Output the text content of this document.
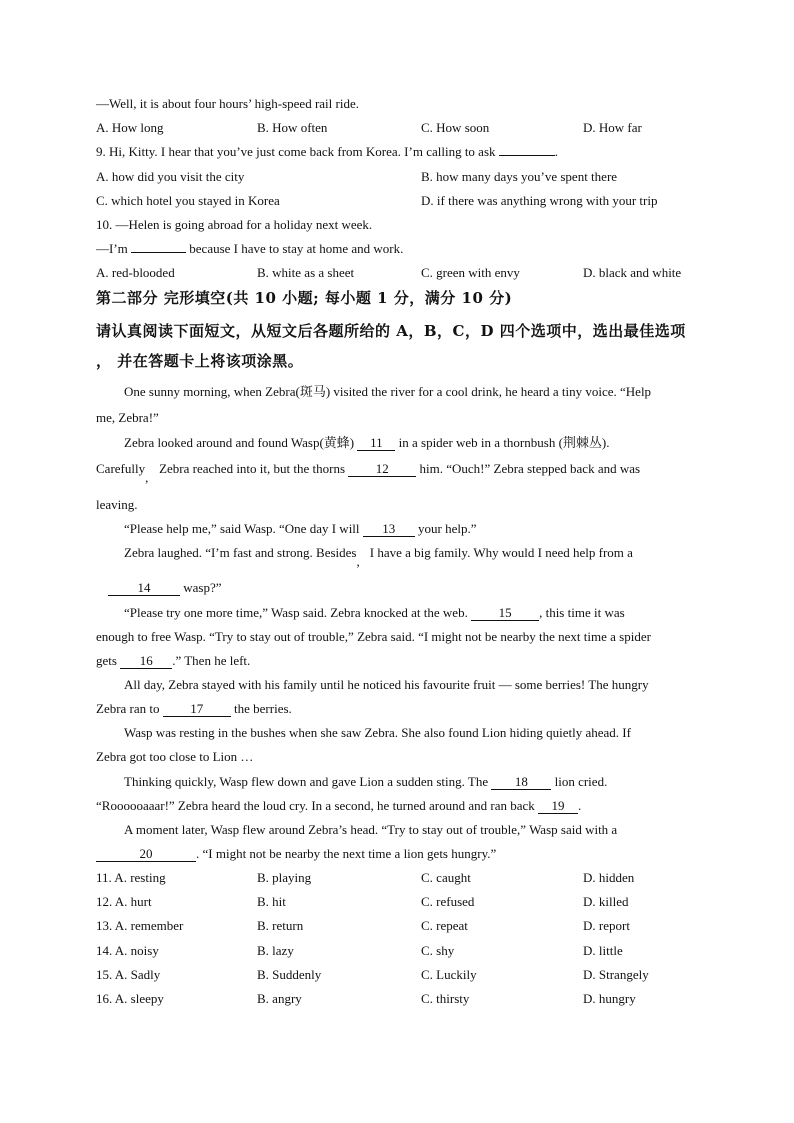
—Well, it is about four hours’ high-speed rail ride.
A. How long	B. How often	C. How soon	D. How far
9. Hi, Kitty. I hear that you’ve just come back from Korea. I’m calling to ask	.
A. how did you visit the city	B. how many days you’ve spent there
C. which hotel you stayed in Korea	D. if there was anything wrong with your trip
10. —Helen is going abroad for a holiday next week.
—I’m	because I have to stay at home and work.
A. red-blooded	B. white as a sheet	C. green with envy	D. black and white
第二部分 完形填空(共 10 小题; 每小题 1 分，满分 10 分)
请认真阅读下面短文，从短文后各题所给的 A，B，C，D 四个选项中，选出最佳选项
， 并在答题卡上将该项涂黑。
One sunny morning, when Zebra(斑马) visited the river for a cool drink, he heard a tiny voice. “Help
me, Zebra!”
Zebra looked around and found Wasp(黄蜂) 11 in a spider web in a thornbush (荆棘丛).
Carefully,Zebra reached into it, but the thorns 12 him. “Ouch!” Zebra stepped back and was
leaving.
“Please help me,” said Wasp. “One day I will 13 your help.”
Zebra laughed. “I’m fast and strong. Besides, I have a big family. Why would I need help from a
14	wasp?”
“Please try one more time,” Wasp said. Zebra knocked at the web. 15 , this time it was
enough to free Wasp. “Try to stay out of trouble,” Zebra said. “I might not be nearby the next time a spider
gets 16 .” Then he left.
All day, Zebra stayed with his family until he noticed his favourite fruit — some berries! The hungry
Zebra ran to 17 the berries.
Wasp was resting in the bushes when she saw Zebra. She also found Lion hiding quietly ahead. If
Zebra got too close to Lion …
Thinking quickly, Wasp flew down and gave Lion a sudden sting. The 18 lion cried.
“Roooooaaar!” Zebra heard the loud cry. In a second, he turned around and ran back 19 .
A moment later, Wasp flew around Zebra’s head. “Try to stay out of trouble,” Wasp said with a
20	. “I might not be nearby the next time a lion gets hungry.”
11. A. resting	B. playing	C. caught	D. hidden
12. A. hurt	B. hit	C. refused	D. killed
13. A. remember	B. return	C. repeat	D. report
14. A. noisy	B. lazy	C. shy	D. little
15. A. Sadly	B. Suddenly	C. Luckily	D. Strangely
16. A. sleepy	B. angry	C. thirsty	D. hungry
